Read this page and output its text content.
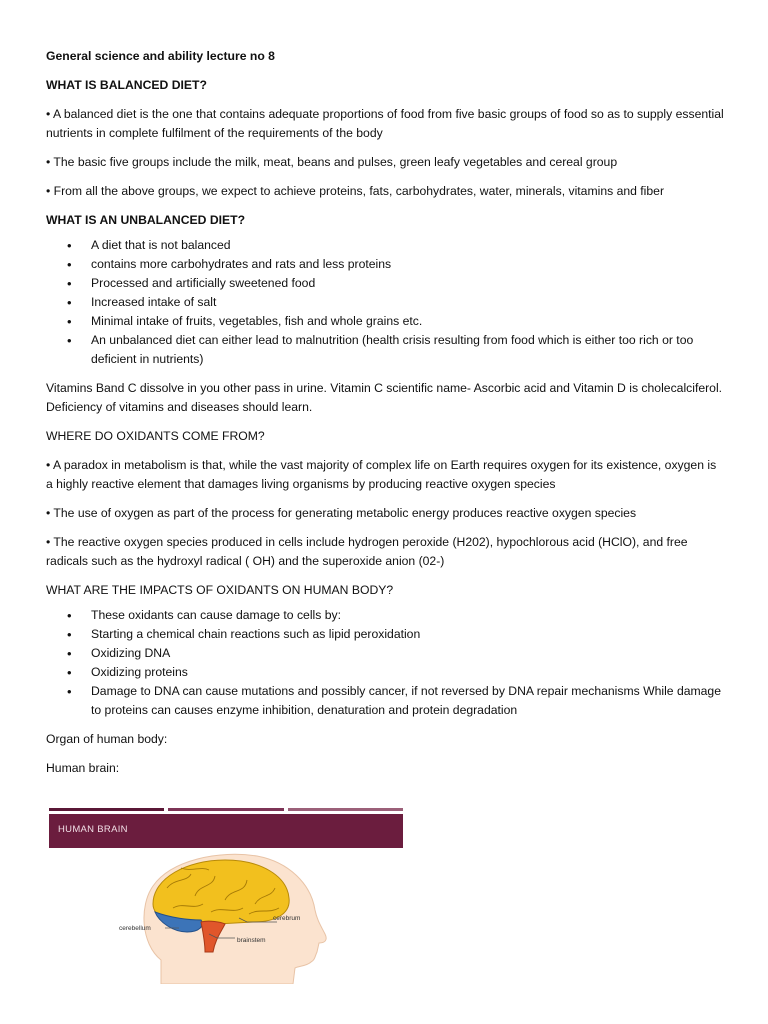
General science and ability lecture no 8

WHAT IS BALANCED DIET?

• A balanced diet is the one that contains adequate proportions of food from five basic groups of food so as to supply essential nutrients in complete fulfilment of the requirements of the body

• The basic five groups include the milk, meat, beans and pulses, green leafy vegetables and cereal group

• From all the above groups, we expect to achieve proteins, fats, carbohydrates, water, minerals, vitamins and fiber

WHAT IS AN UNBALANCED DIET?

• A diet that is not balanced
• contains more carbohydrates and rats and less proteins
• Processed and artificially sweetened food
• Increased intake of salt
• Minimal intake of fruits, vegetables, fish and whole grains etc.
• An unbalanced diet can either lead to malnutrition (health crisis resulting from food which is either too rich or too deficient in nutrients)

Vitamins Band C dissolve in you other pass in urine. Vitamin C scientific name- Ascorbic acid and Vitamin D is cholecalciferol. Deficiency of vitamins and diseases should learn.

WHERE DO OXIDANTS COME FROM?

• A paradox in metabolism is that, while the vast majority of complex life on Earth requires oxygen for its existence, oxygen is a highly reactive element that damages living organisms by producing reactive oxygen species

• The use of oxygen as part of the process for generating metabolic energy produces reactive oxygen species

• The reactive oxygen species produced in cells include hydrogen peroxide (H202), hypochlorous acid (HClO), and free radicals such as the hydroxyl radical ( OH) and the superoxide anion (02-)

WHAT ARE THE IMPACTS OF OXIDANTS ON HUMAN BODY?

• These oxidants can cause damage to cells by:
• Starting a chemical chain reactions such as lipid peroxidation
• Oxidizing DNA
• Oxidizing proteins
• Damage to DNA can cause mutations and possibly cancer, if not reversed by DNA repair mechanisms While damage to proteins can causes enzyme inhibition, denaturation and protein degradation

Organ of human body:

Human brain:

HUMAN BRAIN
cerebellum
cerebrum
brainstem
